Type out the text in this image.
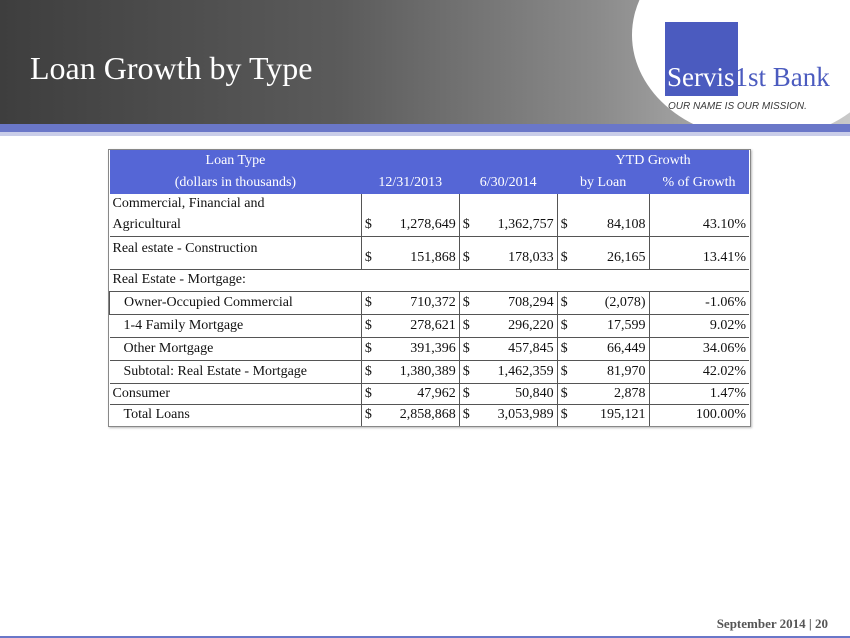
Loan Growth by Type	Servis1st Bank
OUR NAME IS OUR MISSION.
Loan Type			YTD Growth	
(dollars in thousands)	12/31/2013	6/30/2014	by Loan	% of Growth
Commercial, Financial and				
Agricultural	$ 1,278,649	$ 1,362,757	$ 84,108	43.10%
Real estate - Construction	$ 151,868	$ 178,033	$ 26,165	13.41%
Real Estate - Mortgage:				
Owner-Occupied Commercial	$ 710,372	$ 708,294	$ (2,078)	-1.06%
1-4 Family Mortgage	$ 278,621	$ 296,220	$ 17,599	9.02%
Other Mortgage	$ 391,396	$ 457,845	$ 66,449	34.06%
Subtotal: Real Estate - Mortgage	$ 1,380,389	$ 1,462,359	$ 81,970	42.02%
Consumer	$ 47,962	$ 50,840	$ 2,878	1.47%
Total Loans	$ 2,858,868	$ 3,053,989	$ 195,121	100.00%
September 2014 | 20
